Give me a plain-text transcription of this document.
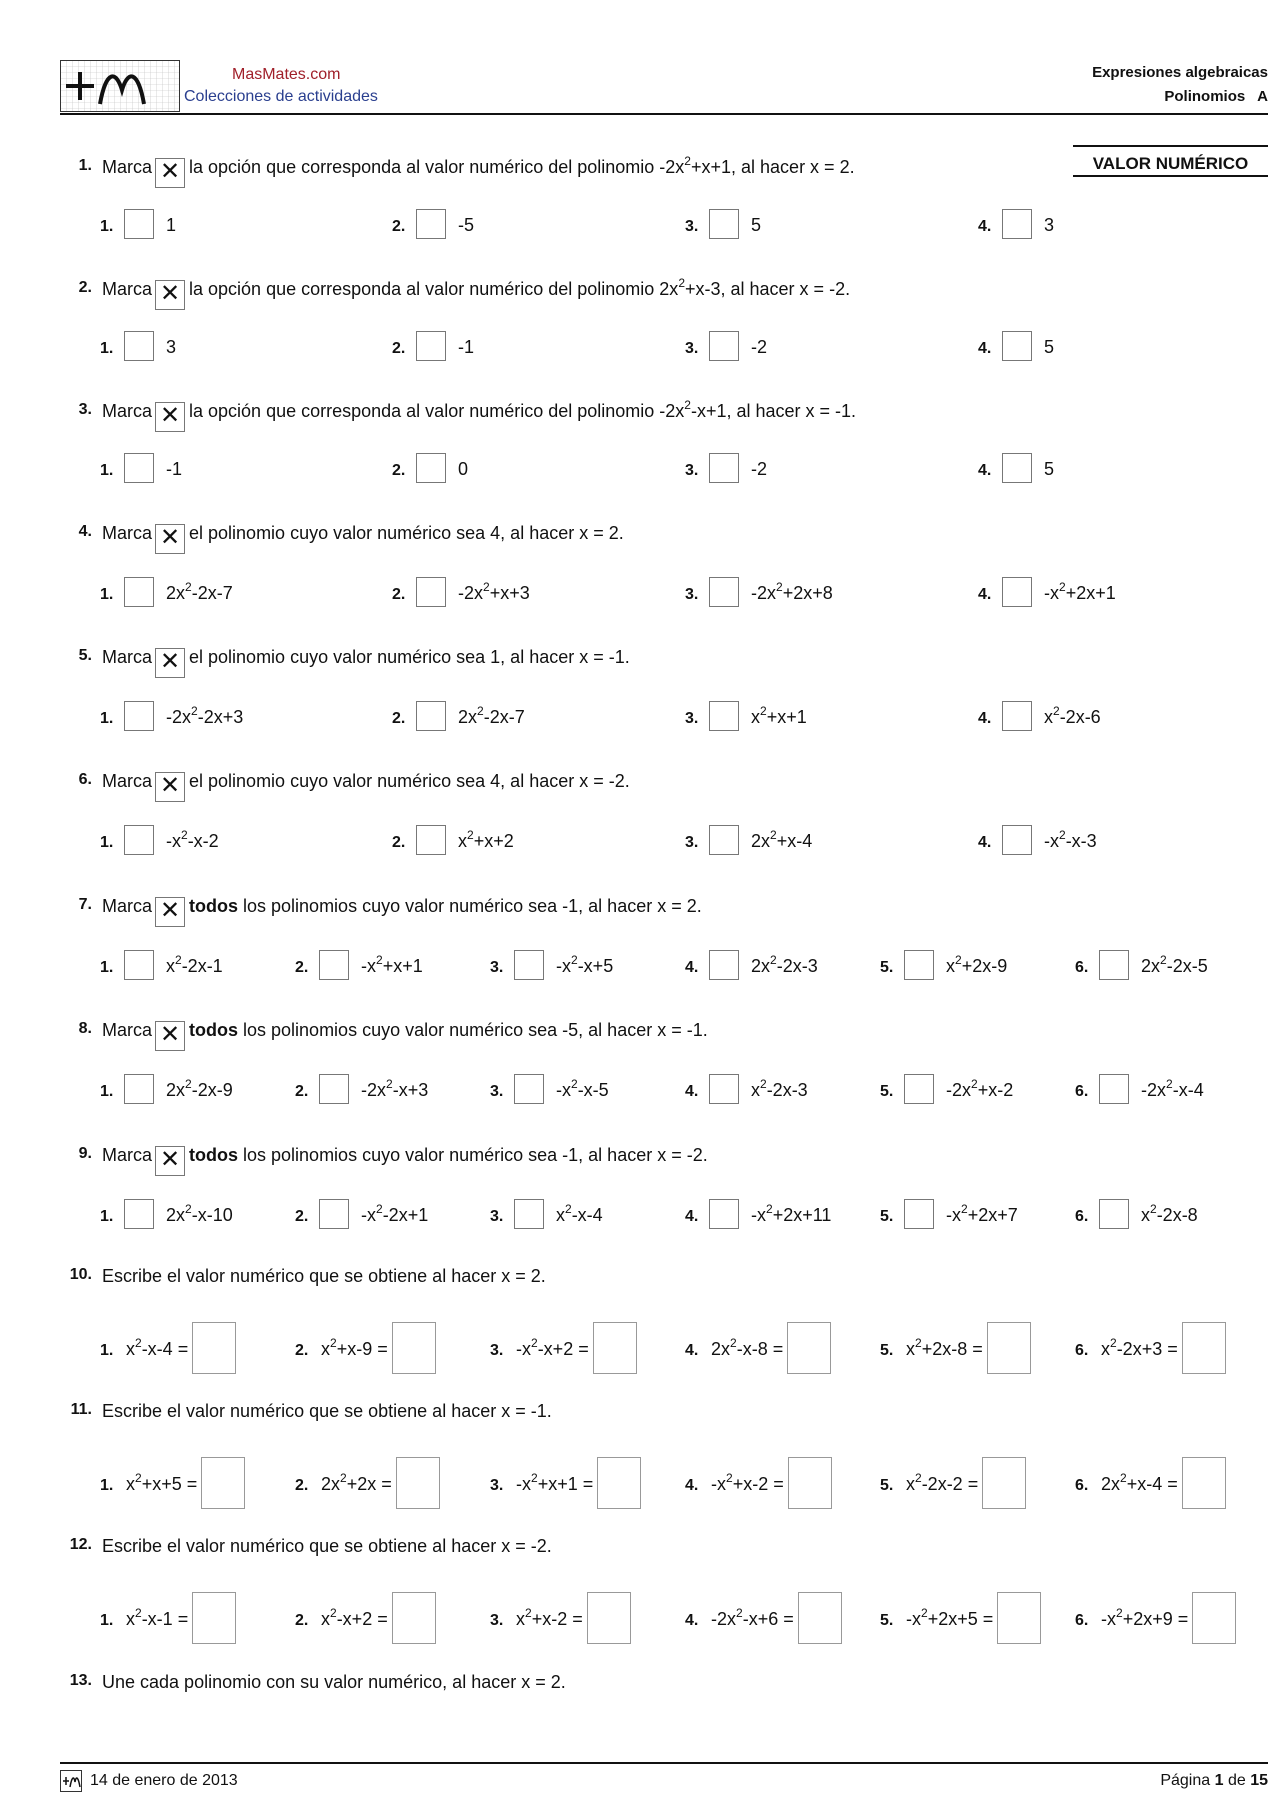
MasMates.com
Colecciones de actividades
Expresiones algebraicas
Polinomios   A
VALOR NUMÉRICO
1. Marca ✕ la opción que corresponda al valor numérico del polinomio $-2x^2+x+1$, al hacer x = 2.
1.	1	2.	-5	3.	5	4.	3
2. Marca ✕ la opción que corresponda al valor numérico del polinomio $2x^2+x-3$, al hacer x = -2.
1.	3	2.	-1	3.	-2	4.	5
3. Marca ✕ la opción que corresponda al valor numérico del polinomio $-2x^2-x+1$, al hacer x = -1.
1.	-1	2.	0	3.	-2	4.	5
4. Marca ✕ el polinomio cuyo valor numérico sea 4, al hacer x = 2.
1.	$2x^2-2x-7$	2.	$-2x^2+x+3$	3.	$-2x^2+2x+8$	4.	$-x^2+2x+1$
5. Marca ✕ el polinomio cuyo valor numérico sea 1, al hacer x = -1.
1.	$-2x^2-2x+3$	2.	$2x^2-2x-7$	3.	$x^2+x+1$	4.	$x^2-2x-6$
6. Marca ✕ el polinomio cuyo valor numérico sea 4, al hacer x = -2.
1.	$-x^2-x-2$	2.	$x^2+x+2$	3.	$2x^2+x-4$	4.	$-x^2-x-3$
7. Marca ✕ todos los polinomios cuyo valor numérico sea -1, al hacer x = 2.
1.	$x^2-2x-1$	2.	$-x^2+x+1$	3.	$-x^2-x+5$	4.	$2x^2-2x-3$	5.	$x^2+2x-9$	6.	$2x^2-2x-5$
8. Marca ✕ todos los polinomios cuyo valor numérico sea -5, al hacer x = -1.
1.	$2x^2-2x-9$	2.	$-2x^2-x+3$	3.	$-x^2-x-5$	4.	$x^2-2x-3$	5.	$-2x^2+x-2$	6.	$-2x^2-x-4$
9. Marca ✕ todos los polinomios cuyo valor numérico sea -1, al hacer x = -2.
1.	$2x^2-x-10$	2.	$-x^2-2x+1$	3.	$x^2-x-4$	4.	$-x^2+2x+11$	5.	$-x^2+2x+7$	6.	$x^2-2x-8$
10. Escribe el valor numérico que se obtiene al hacer x = 2.
1. $x^2-x-4$ =	2. $x^2+x-9$ =	3. $-x^2-x+2$ =	4. $2x^2-x-8$ =	5. $x^2+2x-8$ =	6. $x^2-2x+3$ =
11. Escribe el valor numérico que se obtiene al hacer x = -1.
1. $x^2+x+5$ =	2. $2x^2+2x$ =	3. $-x^2+x+1$ =	4. $-x^2+x-2$ =	5. $x^2-2x-2$ =	6. $2x^2+x-4$ =
12. Escribe el valor numérico que se obtiene al hacer x = -2.
1. $x^2-x-1$ =	2. $x^2-x+2$ =	3. $x^2+x-2$ =	4. $-2x^2-x+6$ =	5. $-x^2+2x+5$ =	6. $-x^2+2x+9$ =
13. Une cada polinomio con su valor numérico, al hacer x = 2.
14 de enero de 2013	Página 1 de 15
